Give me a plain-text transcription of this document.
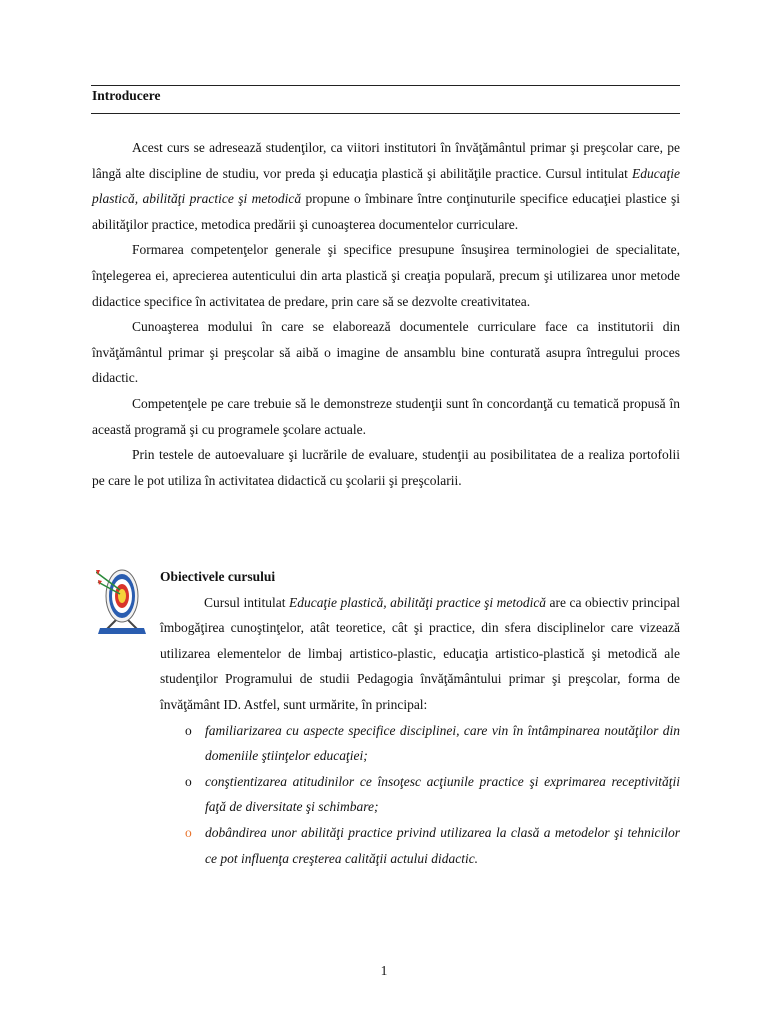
Introducere

Acest curs se adresează studenţilor, ca viitori institutori în învăţământul primar şi preşcolar care, pe lângă alte discipline de studiu, vor preda şi educaţia plastică şi abilităţile practice. Cursul intitulat Educaţie plastică, abilităţi practice şi metodică propune o îmbinare între conţinuturile specifice educaţiei plastice şi abilităţilor practice, metodica predării şi cunoaşterea documentelor curriculare.

Formarea competenţelor generale şi specifice presupune însuşirea terminologiei de specialitate, înţelegerea ei, aprecierea autenticului din arta plastică şi creaţia populară, precum şi utilizarea unor metode didactice specifice în activitatea de predare, prin care să se dezvolte creativitatea.

Cunoaşterea modului în care se elaborează documentele curriculare face ca institutorii din învăţământul primar şi preşcolar să aibă o imagine de ansamblu bine conturată asupra întregului proces didactic.

Competenţele pe care trebuie să le demonstreze studenţii sunt în concordanţă cu tematică propusă în această programă şi cu programele şcolare actuale.

Prin testele de autoevaluare şi lucrările de evaluare, studenţii au posibilitatea de a realiza portofolii pe care le pot utiliza în activitatea didactică cu şcolarii şi preşcolarii.

Obiectivele cursului

Cursul intitulat Educaţie plastică, abilităţi practice şi metodică are ca obiectiv principal îmbogăţirea cunoştinţelor, atât teoretice, cât şi practice, din sfera disciplinelor care vizează utilizarea elementelor de limbaj artistico-plastic, educaţia artistico-plastică şi metodică ale studenţilor Programului de studii Pedagogia învăţământului primar şi preşcolar, forma de învăţământ ID. Astfel, sunt urmărite, în principal:

o familiarizarea cu aspecte specifice disciplinei, care vin în întâmpinarea noutăţilor din domeniile ştiinţelor educaţiei;
o conştientizarea atitudinilor ce însoţesc acţiunile practice şi exprimarea receptivităţii faţă de diversitate şi schimbare;
o dobândirea unor abilităţi practice privind utilizarea la clasă a metodelor şi tehnicilor ce pot influenţa creşterea calităţii actului didactic.
1
